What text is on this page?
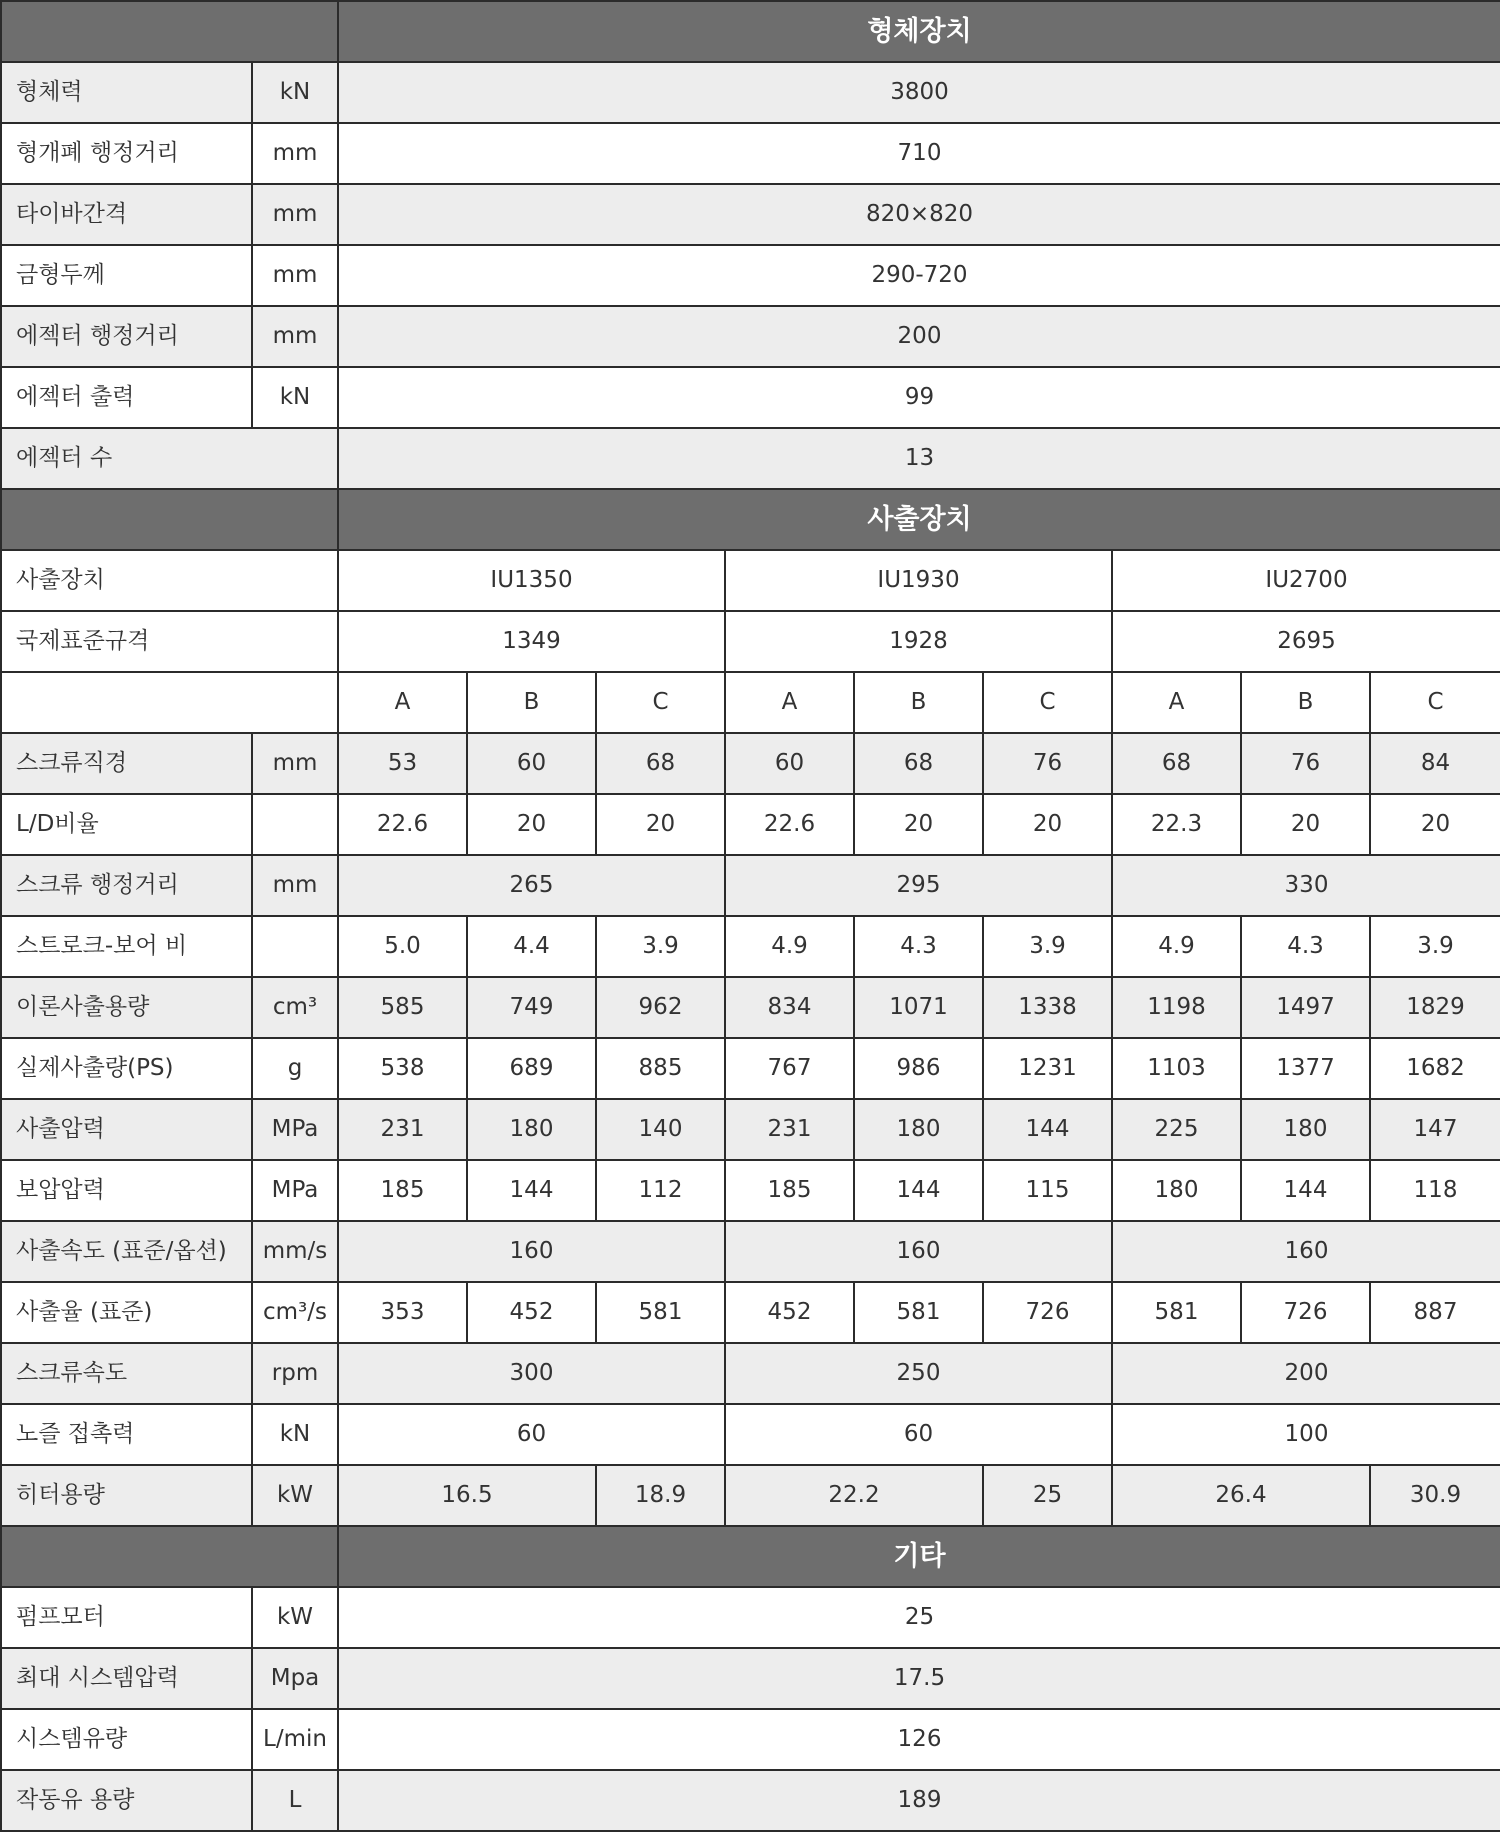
		형체장치								
형체력	kN	3800								
형개폐 행정거리	mm	710								
타이바간격	mm	820×820								
금형두께	mm	290-720								
에젝터 행정거리	mm	200								
에젝터 출력	kN	99								
에젝터 수		13								
		사출장치								
사출장치		IU1350			IU1930			IU2700		
국제표준규격		1349			1928			2695		
		A	B	C	A	B	C	A	B	C
스크류직경	mm	53	60	68	60	68	76	68	76	84
L/D비율		22.6	20	20	22.6	20	20	22.3	20	20
스크류 행정거리	mm	265			295			330		
스트로크-보어 비		5.0	4.4	3.9	4.9	4.3	3.9	4.9	4.3	3.9
이론사출용량	cm³	585	749	962	834	1071	1338	1198	1497	1829
실제사출량(PS)	g	538	689	885	767	986	1231	1103	1377	1682
사출압력	MPa	231	180	140	231	180	144	225	180	147
보압압력	MPa	185	144	112	185	144	115	180	144	118
사출속도 (표준/옵션)	mm/s	160			160			160		
사출율 (표준)	cm³/s	353	452	581	452	581	726	581	726	887
스크류속도	rpm	300			250			200		
노즐 접촉력	kN	60			60			100		
히터용량	kW	16.5		18.9	22.2		25	26.4		30.9
		기타								
펌프모터	kW	25								
최대 시스템압력	Mpa	17.5								
시스템유량	L/min	126								
작동유 용량	L	189								
